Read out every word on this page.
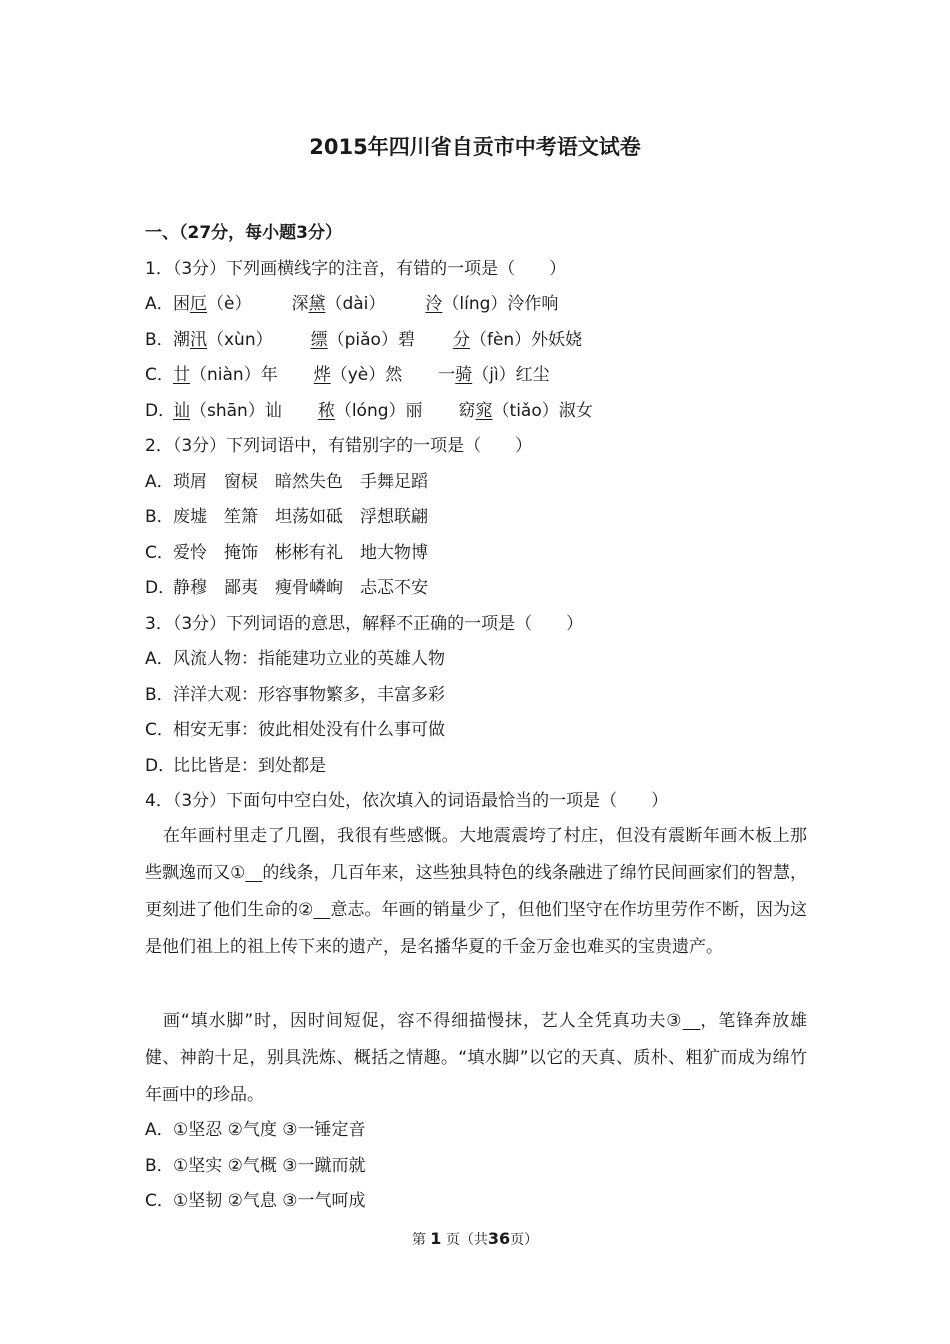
2015年四川省自贡市中考语文试卷
一、（27分，每小题3分）
1．（3分）下列画横线字的注音，有错的一项是（　　）
A．困厄（è） 深黛（dài） 泠（líng）泠作响
B．潮汛（xùn） 缥（piǎo）碧 分（fèn）外妖娆
C．廿（niàn）年 烨（yè）然 一骑（jì）红尘
D．讪（shān）讪 秾（lóng）丽 窈窕（tiǎo）淑女
2．（3分）下列词语中，有错别字的一项是（　　）
A．琐屑　窗棂　暗然失色　手舞足蹈
B．废墟　笙箫　坦荡如砥　浮想联翩
C．爱怜　掩饰　彬彬有礼　地大物博
D．静穆　鄙夷　瘦骨嶙峋　忐忑不安
3．（3分）下列词语的意思，解释不正确的一项是（　　）
A．风流人物：指能建功立业的英雄人物
B．洋洋大观：形容事物繁多，丰富多彩
C．相安无事：彼此相处没有什么事可做
D．比比皆是：到处都是
4．（3分）下面句中空白处，依次填入的词语最恰当的一项是（　　）
在年画村里走了几圈，我很有些感慨。大地震震垮了村庄，但没有震断年画木板上那些飘逸而又①　​的线条，几百年来，这些独具特色的线条融进了绵竹民间画家们的智慧，更刻进了他们生命的②　​意志。年画的销量少了，但他们坚守在作坊里劳作不断，因为这是他们祖上的祖上传下来的遗产，是名播华夏的千金万金也难买的宝贵遗产。
画“填水脚”时，因时间短促，容不得细描慢抹，艺人全凭真功夫③　​，笔锋奔放雄健、神韵十足，别具洗炼、概括之情趣。“填水脚”以它的天真、质朴、粗犷而成为绵竹年画中的珍品。
A．①坚忍 ②气度 ③一锤定音
B．①坚实 ②气概 ③一蹴而就
C．①坚韧 ②气息 ③一气呵成
第 1 页（共36页）
